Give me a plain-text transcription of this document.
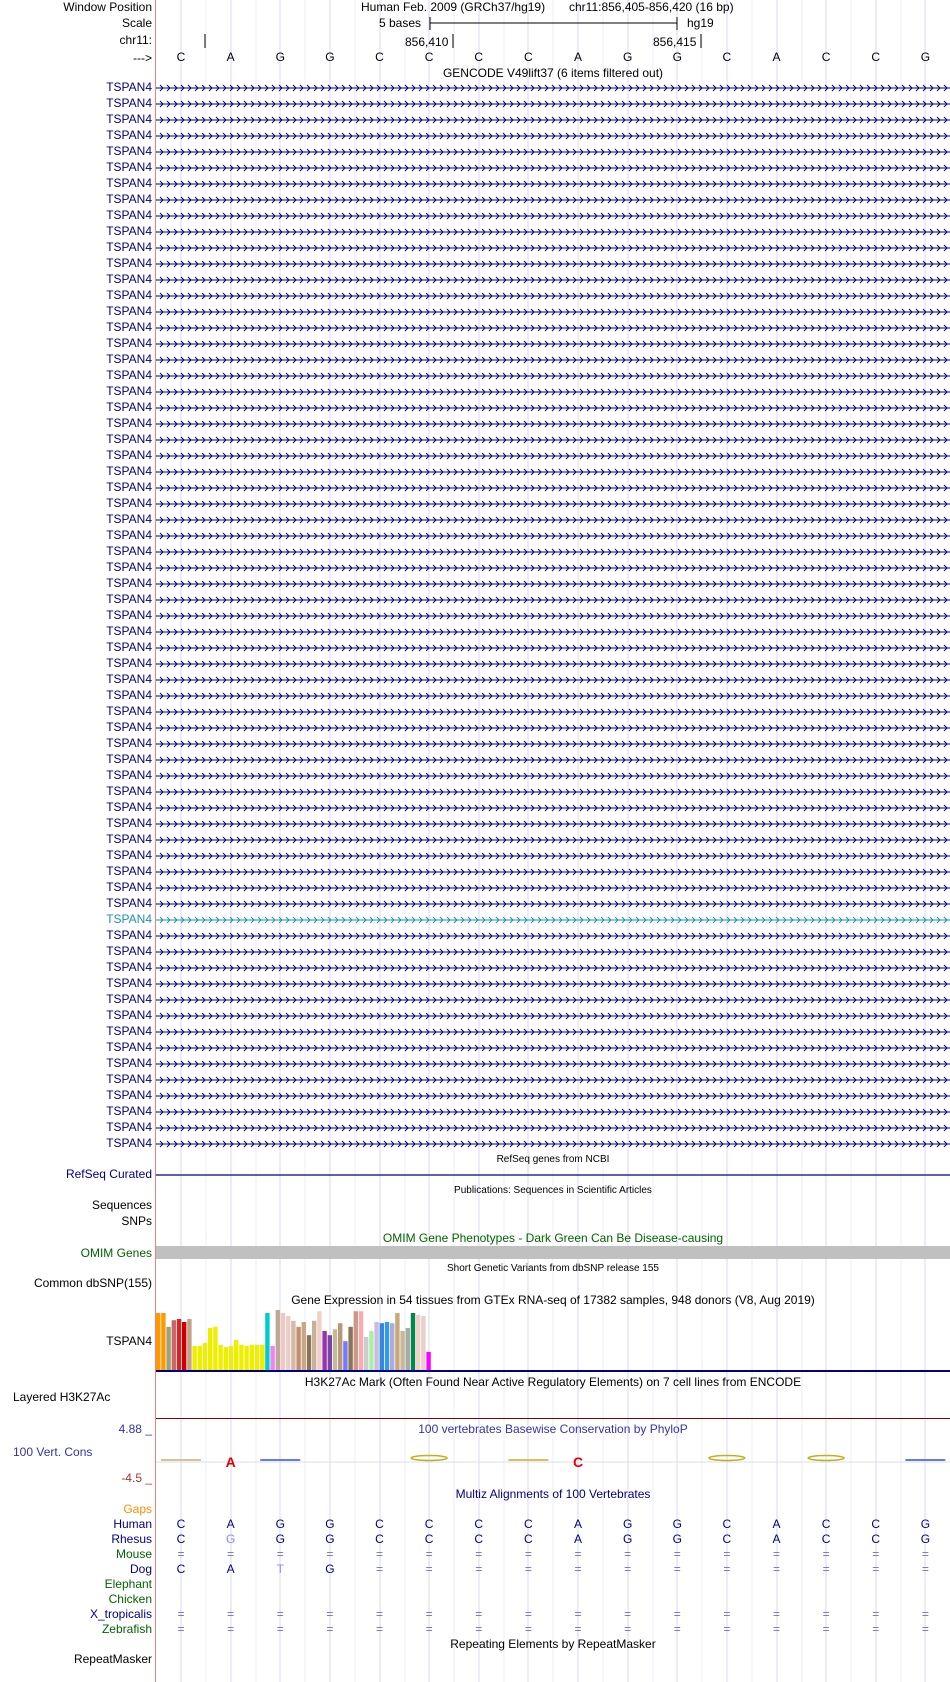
Window Position	Human Feb. 2009 (GRCh37/hg19) chr11:856,405-856,420 (16 bp)
Scale	5 bases	hg19
chr11:	856,410	856,415
--->	C	A	G	G	C	C	C	C	A	G	G	C	A	C	C	G
GENCODE V49lift37 (6 items filtered out)
TSPAN4
TSPAN4
TSPAN4
TSPAN4
TSPAN4
TSPAN4
TSPAN4
TSPAN4
TSPAN4
TSPAN4
TSPAN4
TSPAN4
TSPAN4
TSPAN4
TSPAN4
TSPAN4
TSPAN4
TSPAN4
TSPAN4
TSPAN4
TSPAN4
TSPAN4
TSPAN4
TSPAN4
TSPAN4
TSPAN4
TSPAN4
TSPAN4
TSPAN4
TSPAN4
TSPAN4
TSPAN4
TSPAN4
TSPAN4
TSPAN4
TSPAN4
TSPAN4
TSPAN4
TSPAN4
TSPAN4
TSPAN4
TSPAN4
TSPAN4
TSPAN4
TSPAN4
TSPAN4
TSPAN4
TSPAN4
TSPAN4
TSPAN4
TSPAN4
TSPAN4
TSPAN4
TSPAN4
TSPAN4
TSPAN4
TSPAN4
TSPAN4
TSPAN4
TSPAN4
TSPAN4
TSPAN4
TSPAN4
TSPAN4
TSPAN4
TSPAN4
TSPAN4
RefSeq genes from NCBI
RefSeq Curated
Publications: Sequences in Scientific Articles
Sequences
SNPs
OMIM Gene Phenotypes - Dark Green Can Be Disease-causing
OMIM Genes
Short Genetic Variants from dbSNP release 155
Common dbSNP(155)
Gene Expression in 54 tissues from GTEx RNA-seq of 17382 samples, 948 donors (V8, Aug 2019)
TSPAN4
H3K27Ac Mark (Often Found Near Active Regulatory Elements) on 7 cell lines from ENCODE
Layered H3K27Ac
100 vertebrates Basewise Conservation by PhyloP
4.88 _
100 Vert. Cons
-4.5 _
A	C
Multiz Alignments of 100 Vertebrates
Gaps
Human	C	A	G	G	C	C	C	C	A	G	G	C	A	C	C	G
Rhesus	C	G	G	G	C	C	C	C	A	G	G	C	A	C	C	G
Mouse	=	=	=	=	=	=	=	=	=	=	=	=	=	=	=	=
Dog	C	A	T	G	=	=	=	=	=	=	=	=	=	=	=	=
Elephant
Chicken
X_tropicalis	=	=	=	=	=	=	=	=	=	=	=	=	=	=	=	=
Zebrafish	=	=	=	=	=	=	=	=	=	=	=	=	=	=	=	=
Repeating Elements by RepeatMasker
RepeatMasker
